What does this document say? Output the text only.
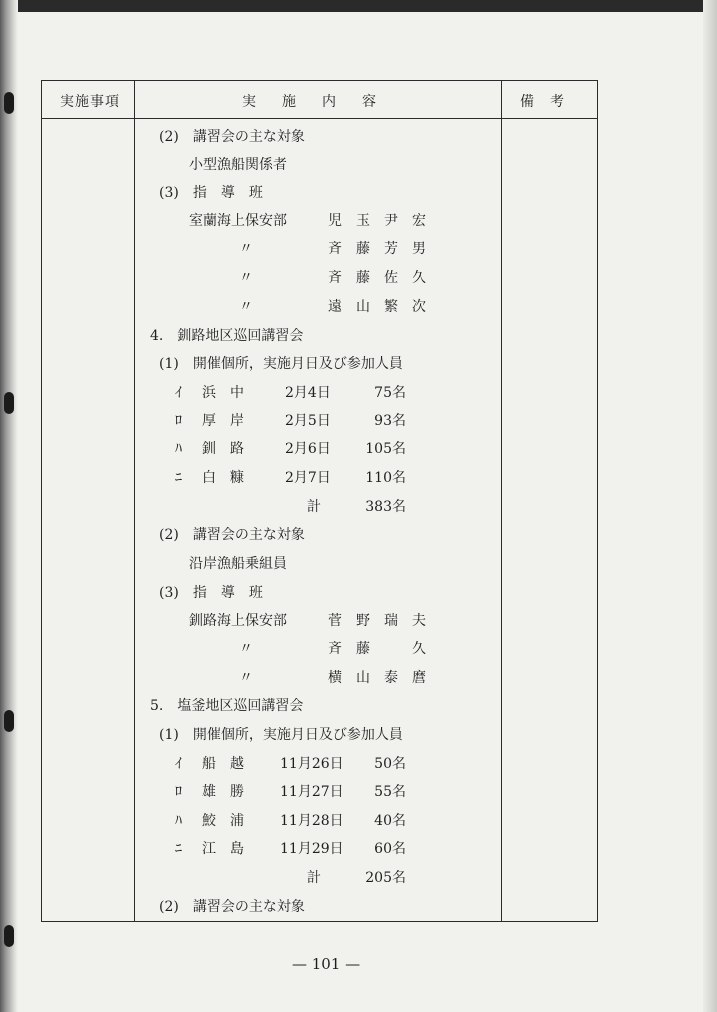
実施事項	実　施　内　容	備　考
(2)　講習会の主な対象
小型漁船関係者
(3)　指　導　班
室蘭海上保安部	児　玉　尹　宏
〃	斉　藤　芳　男
〃	斉　藤　佐　久
〃	遠　山　繁　次
4.　釧路地区巡回講習会
(1)　開催個所，実施月日及び参加人員
ｲ 浜　中	2月4日	75名
ﾛ 厚　岸	2月5日	93名
ﾊ 釧　路	2月6日	105名
ﾆ 白　糠	2月7日	110名
計	383名
(2)　講習会の主な対象
沿岸漁船乗組員
(3)　指　導　班
釧路海上保安部	菅　野　瑞　夫
〃	斉　藤　　　久
〃	横　山　泰　麿
5.　塩釜地区巡回講習会
(1)　開催個所，実施月日及び参加人員
ｲ 船　越	11月26日	50名
ﾛ 雄　勝	11月27日	55名
ﾊ 鮫　浦	11月28日	40名
ﾆ 江　島	11月29日	60名
計	205名
(2)　講習会の主な対象
— 101 —
